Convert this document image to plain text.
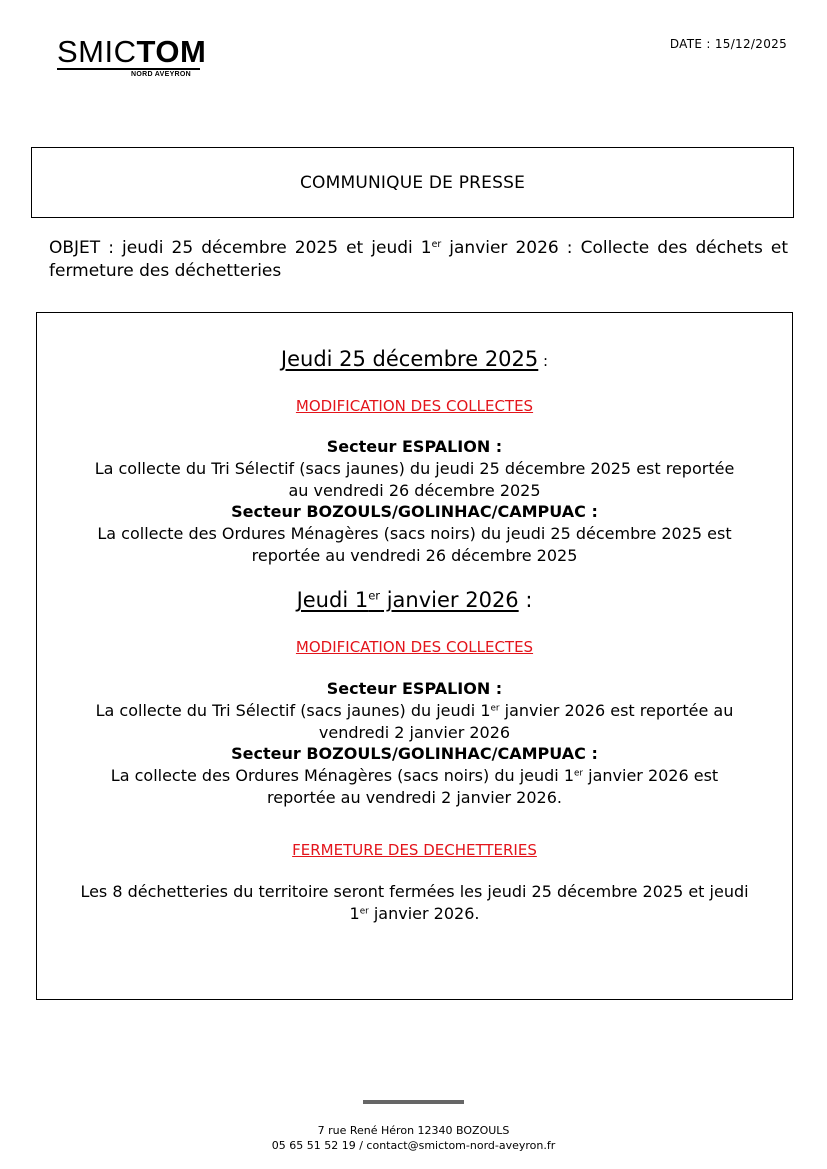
SMICTOM
NORD AVEYRON
DATE : 15/12/2025
COMMUNIQUE DE PRESSE
OBJET : jeudi 25 décembre 2025 et jeudi 1er janvier 2026 : Collecte des déchets et fermeture des déchetteries
Jeudi 25 décembre 2025 :
MODIFICATION DES COLLECTES
Secteur ESPALION :
La collecte du Tri Sélectif (sacs jaunes) du jeudi 25 décembre 2025 est reportée
au vendredi 26 décembre 2025
Secteur BOZOULS/GOLINHAC/CAMPUAC :
La collecte des Ordures Ménagères (sacs noirs) du jeudi 25 décembre 2025 est
reportée au vendredi 26 décembre 2025
Jeudi 1er janvier 2026 :
MODIFICATION DES COLLECTES
Secteur ESPALION :
La collecte du Tri Sélectif (sacs jaunes) du jeudi 1er janvier 2026 est reportée au
vendredi 2 janvier 2026
Secteur BOZOULS/GOLINHAC/CAMPUAC :
La collecte des Ordures Ménagères (sacs noirs) du jeudi 1er janvier 2026 est
reportée au vendredi 2 janvier 2026.
FERMETURE DES DECHETTERIES
Les 8 déchetteries du territoire seront fermées les jeudi 25 décembre 2025 et jeudi
1er janvier 2026.
7 rue René Héron 12340 BOZOULS
05 65 51 52 19 / contact@smictom-nord-aveyron.fr
